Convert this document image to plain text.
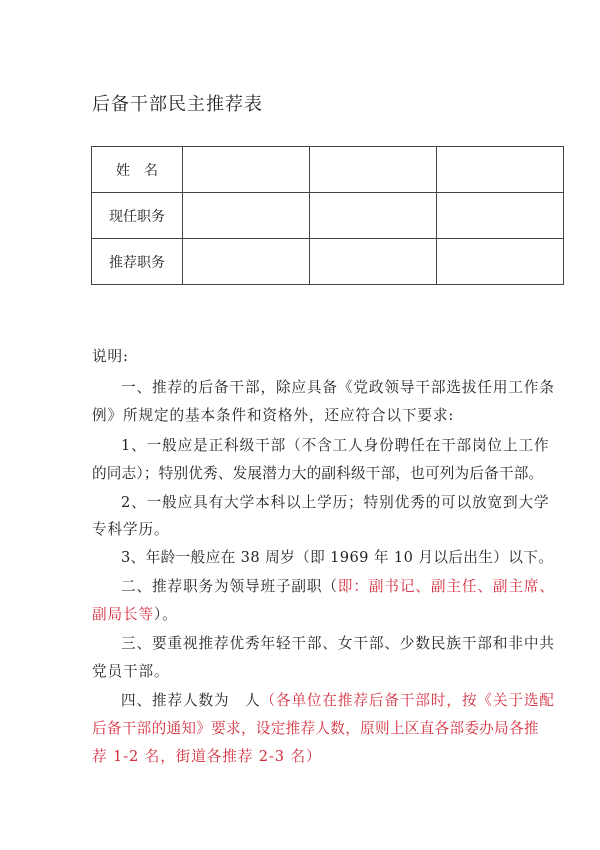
后备干部民主推荐表
姓　名			
现任职务			
推荐职务			
说明:
一、推荐的后备干部，除应具备《党政领导干部选拔任用工作条
例》所规定的基本条件和资格外，还应符合以下要求:
1、一般应是正科级干部（不含工人身份聘任在干部岗位上工作
的同志）；特别优秀、发展潜力大的副科级干部，也可列为后备干部。
2、一般应具有大学本科以上学历；特别优秀的可以放宽到大学
专科学历。
3、年龄一般应在 38 周岁（即 1969 年 10 月以后出生）以下。
二、推荐职务为领导班子副职（即：副书记、副主任、副主席、
副局长等）。
三、要重视推荐优秀年轻干部、女干部、少数民族干部和非中共
党员干部。
四、推荐人数为　人（各单位在推荐后备干部时，按《关于选配
后备干部的通知》要求，设定推荐人数，原则上区直各部委办局各推
荐 1-2 名，街道各推荐 2-3 名）
